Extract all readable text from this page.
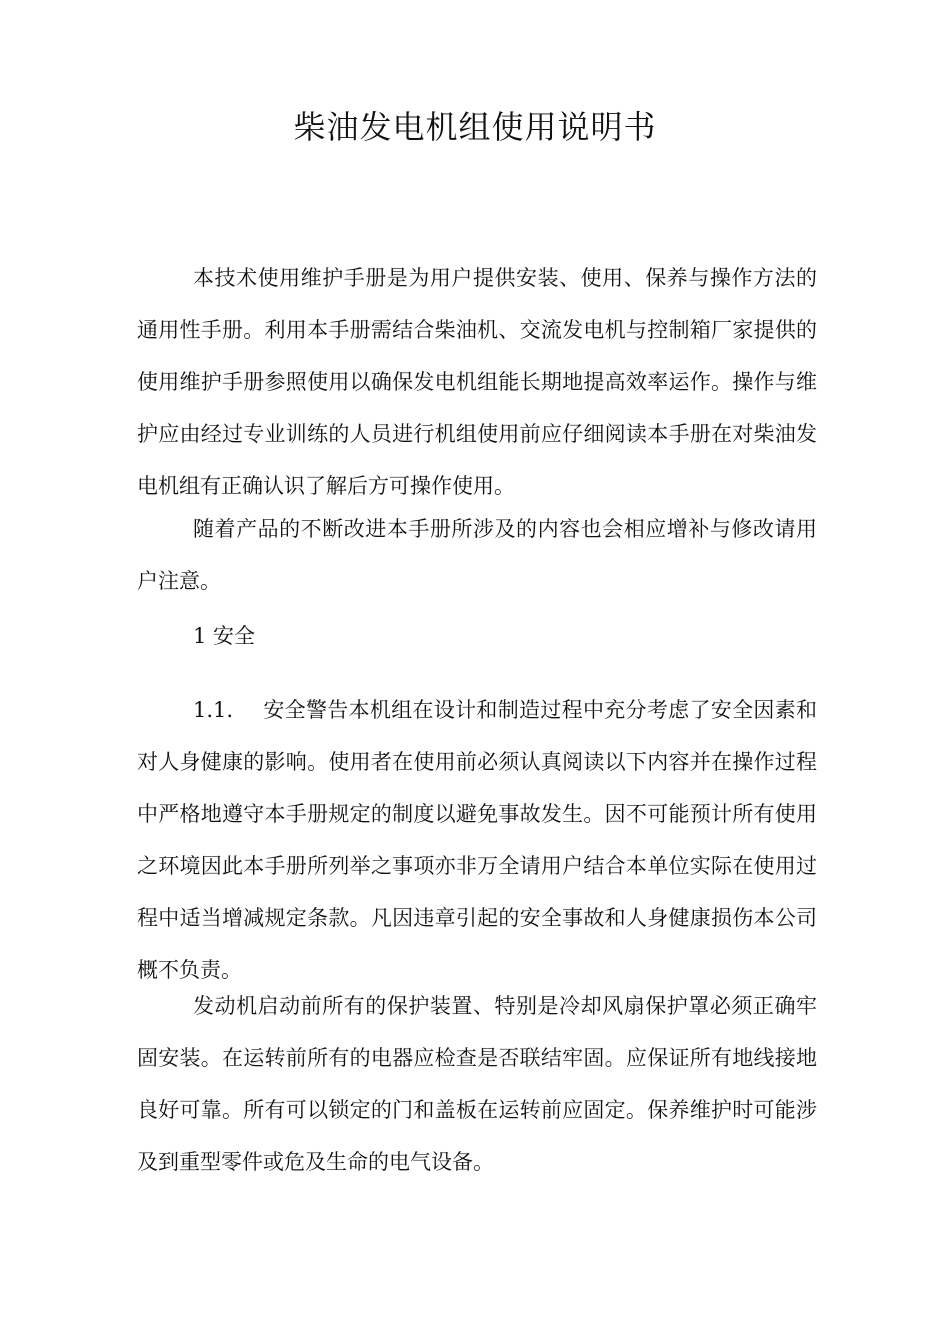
柴油发电机组使用说明书

本技术使用维护手册是为用户提供安装、使用、保养与操作方法的通用性手册。利用本手册需结合柴油机、交流发电机与控制箱厂家提供的使用维护手册参照使用以确保发电机组能长期地提高效率运作。操作与维护应由经过专业训练的人员进行机组使用前应仔细阅读本手册在对柴油发电机组有正确认识了解后方可操作使用。

随着产品的不断改进本手册所涉及的内容也会相应增补与修改请用户注意。

1 安全

1.1. 安全警告本机组在设计和制造过程中充分考虑了安全因素和对人身健康的影响。使用者在使用前必须认真阅读以下内容并在操作过程中严格地遵守本手册规定的制度以避免事故发生。因不可能预计所有使用之环境因此本手册所列举之事项亦非万全请用户结合本单位实际在使用过程中适当增减规定条款。凡因违章引起的安全事故和人身健康损伤本公司概不负责。

发动机启动前所有的保护装置、特别是冷却风扇保护罩必须正确牢固安装。在运转前所有的电器应检查是否联结牢固。应保证所有地线接地良好可靠。所有可以锁定的门和盖板在运转前应固定。保养维护时可能涉及到重型零件或危及生命的电气设备。
